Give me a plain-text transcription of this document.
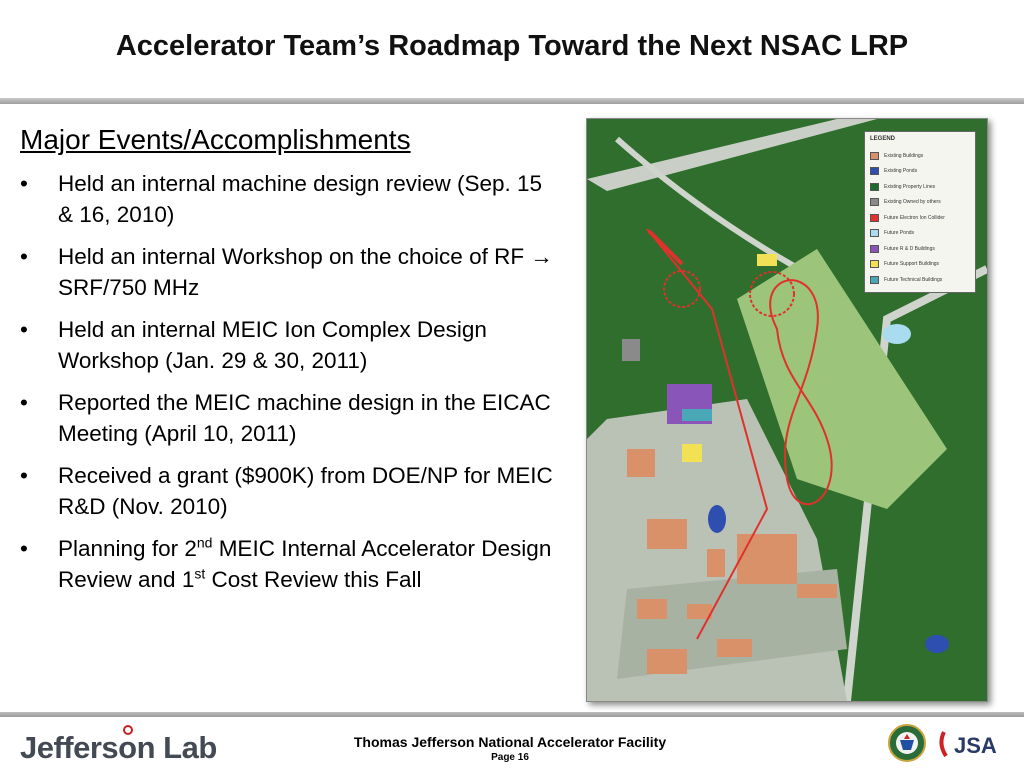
Accelerator Team’s Roadmap Toward the Next NSAC LRP
Major Events/Accomplishments
•	Held an internal machine design review (Sep. 15 & 16, 2010)
•	Held an internal Workshop on the choice of RF → SRF/750 MHz
•	Held an internal MEIC Ion Complex Design Workshop (Jan. 29 & 30, 2011)
•	Reported the MEIC machine design in the EICAC Meeting (April 10, 2011)
•	Received a grant ($900K) from DOE/NP for MEIC R&D (Nov. 2010)
•	Planning for 2nd MEIC Internal Accelerator Design Review and 1st Cost Review this Fall
LEGEND
Existing Buildings
Existing Ponds
Existing Property Lines
Existing Owned by others
Future Electron Ion Collider
Future Ponds
Future R & D Buildings
Future Support Buildings
Future Technical Buildings
Jefferson Lab	Thomas Jefferson National Accelerator Facility
Page 16	JSA
